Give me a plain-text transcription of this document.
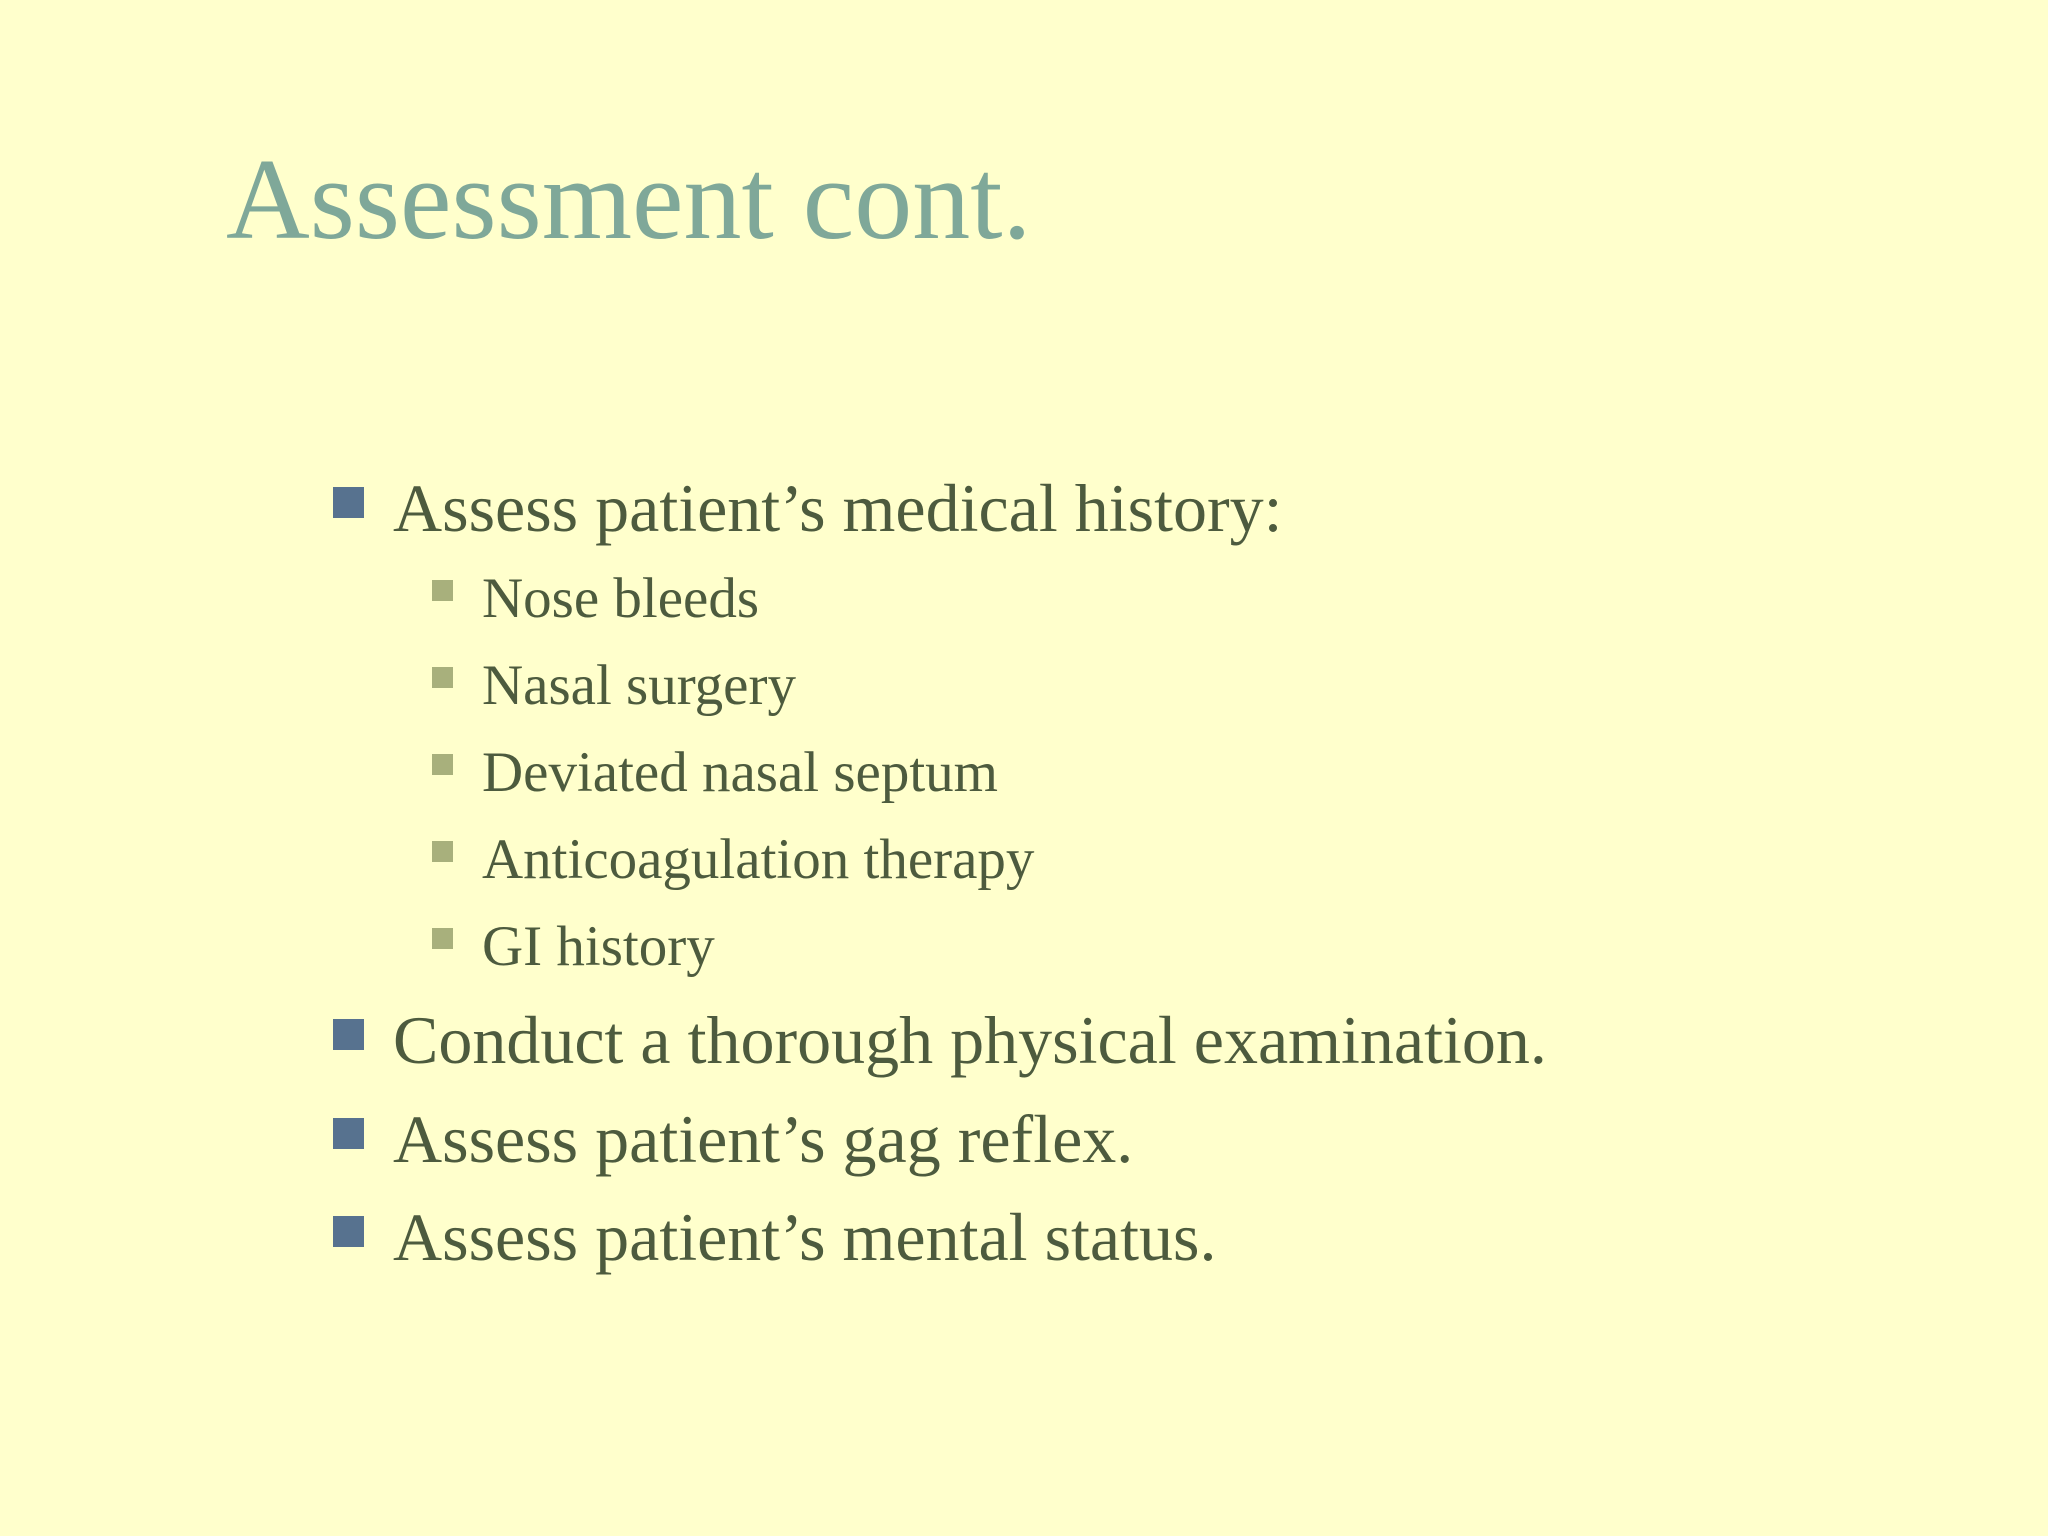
Assessment cont.
Assess patient’s medical history:
Nose bleeds
Nasal surgery
Deviated nasal septum
Anticoagulation therapy
GI history
Conduct a thorough physical examination.
Assess patient’s gag reflex.
Assess patient’s mental status.
